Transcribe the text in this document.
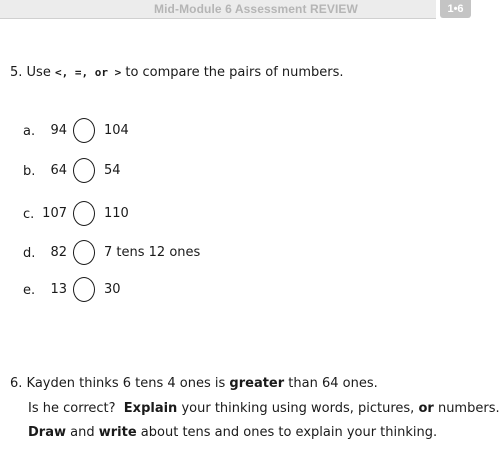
Mid-Module 6 Assessment REVIEW	1•6
5. Use <, =, or > to compare the pairs of numbers.
a. 94	104
b. 64	54
c. 107	110
d. 82	7 tens 12 ones
e. 13	30
6. Kayden thinks 6 tens 4 ones is greater than 64 ones.
Is he correct? Explain your thinking using words, pictures, or numbers.
Draw and write about tens and ones to explain your thinking.
